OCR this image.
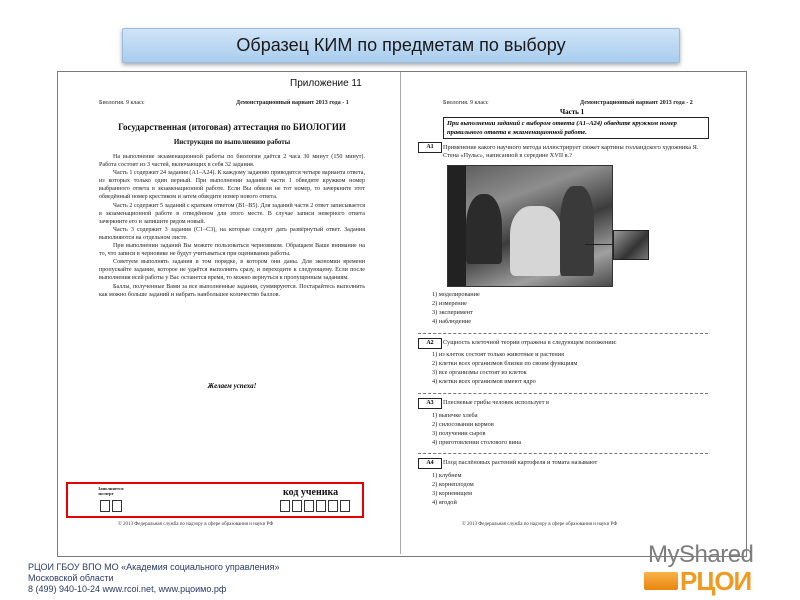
Образец КИМ по предметам по выбору
Приложение 11
Биология. 9 класс	Демонстрационный вариант 2013 года - 1
Государственная (итоговая) аттестация по БИОЛОГИИ
Инструкция по выполнению работы

На выполнение экзаменационной работы по биологии даётся 2 часа 30 минут (150 минут). Работа состоит из 3 частей, включающих в себя 32 задания.

Часть 1 содержит 24 задания (А1–А24). К каждому заданию приводится четыре варианта ответа, из которых только один верный. При выполнении заданий части 1 обведите кружком номер выбранного ответа в экзаменационной работе. Если Вы обвели не тот номер, то зачеркните этот обведённый номер крестиком и затем обведите номер нового ответа.

Часть 2 содержит 5 заданий с кратким ответом (В1–В5). Для заданий части 2 ответ записывается в экзаменационной работе в отведённом для этого месте. В случае записи неверного ответа зачеркните его и запишите рядом новый.

Часть 3 содержит 3 задания (С1–С3), на которые следует дать развёрнутый ответ. Задания выполняются на отдельном листе.

При выполнении заданий Вы можете пользоваться черновиком. Обращаем Ваше внимание на то, что записи в черновике не будут учитываться при оценивании работы.

Советуем выполнять задания в том порядке, в котором они даны. Для экономии времени пропускайте задание, которое не удаётся выполнить сразу, и переходите к следующему. Если после выполнения всей работы у Вас останется время, то можно вернуться к пропущенным заданиям.

Баллы, полученные Вами за все выполненные задания, суммируются. Постарайтесь выполнить как можно больше заданий и набрать наибольшее количество баллов.

Желаем успеха!
Заполняется
эксперт	код ученика
© 2013 Федеральная служба по надзору в сфере образования и науки РФ
Биология. 9 класс	Демонстрационный вариант 2013 года - 2
Часть 1
При выполнении заданий с выбором ответа (А1–А24) обведите кружком номер правильного ответа в экзаменационной работе.
A1	Применение какого научного метода иллюстрирует сюжет картины голландского художника Я. Стена «Пульс», написанной в середине XVII в.?
1) моделирование
2) измерение
3) эксперимент
4) наблюдение
A2	Сущность клеточной теории отражена в следующем положении:
1) из клеток состоят только животные и растения
2) клетки всех организмов близки по своим функциям
3) все организмы состоят из клеток
4) клетки всех организмов имеют ядро
A3	Плесневые грибы человек использует в
1) выпечке хлеба
2) силосовании кормов
3) получении сыров
4) приготовлении столового вина
A4	Плод паслёновых растений картофеля и томата называют
1) клубнем
2) корнеплодом
3) корневищем
4) ягодой
© 2013 Федеральная служба по надзору в сфере образования и науки РФ
РЦОИ ГБОУ ВПО МО «Академия социального управления»
Московской области
8 (499) 940-10-24 www.rcoi.net, www.рцоимо.рф
MyShared
РЦОИ
